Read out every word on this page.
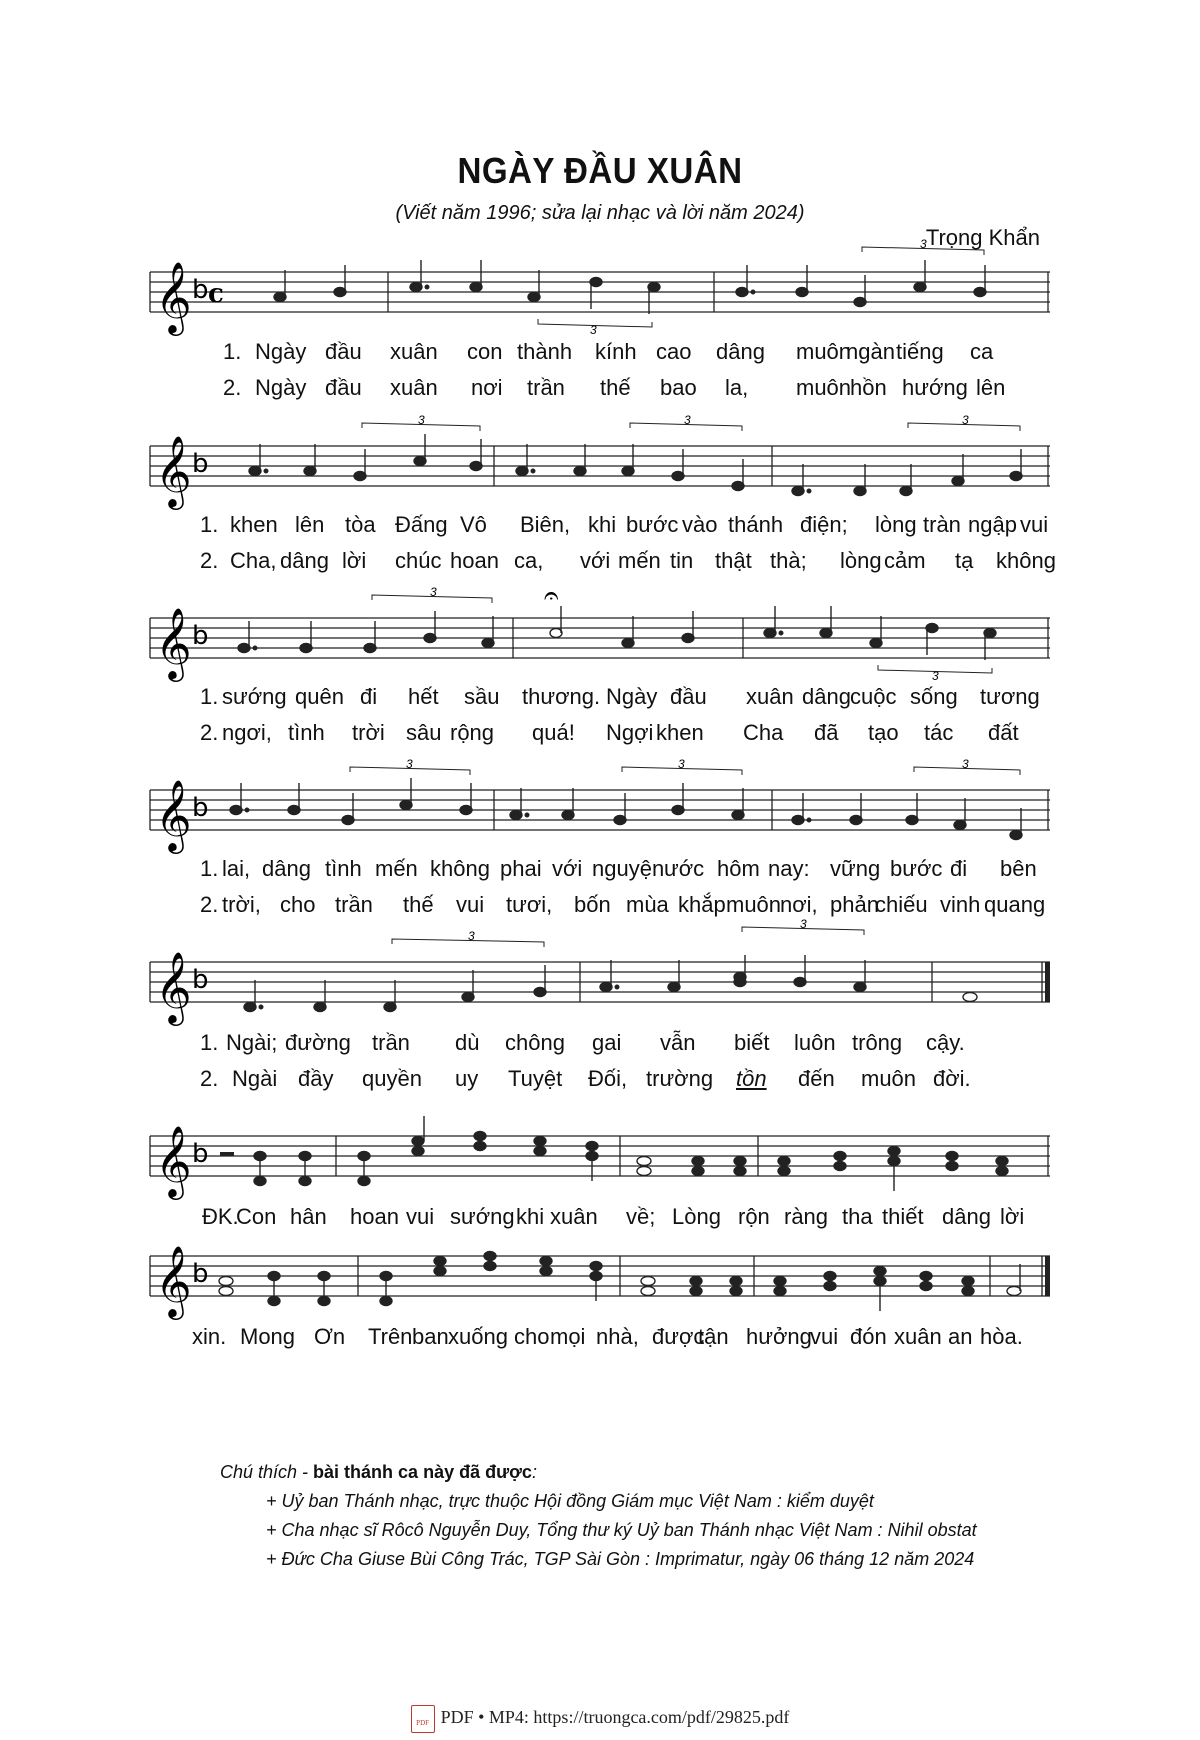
NGÀY ĐẦU XUÂN
(Viết năm 1996; sửa lại nhạc và lời năm 2024)
Trọng Khẩn
𝄞 b c
3
3
1. Ngày đầu xuân con thành kính cao dâng muôn
ngàn tiếng ca
2. Ngày đầu xuân nơi trần thế bao la, muôn
hồn hướng lên
𝄞 b
3	3	3
1. khen lên tòa Đấng Vô Biên, khi bước vào thánh điện; lòng tràn ngập vui
2. Cha, dâng lời chúc hoan ca, với mến tin thật thà; lòng cảm tạ không
𝄞 b
𝄐
3
3
1. sướng quên đi hết sầu thương. Ngày đầu xuân dâng cuộc sống tương
2. ngơi, tình trời sâu rộng quá! Ngợi khen Cha đã tạo tác đất
𝄞 b
3	3	3
1. lai, dâng tình mến không phai với nguyện ước hôm nay: vững bước đi bên
2. trời, cho trần thế vui tươi, bốn mùa khắp muôn
nơi, phản
chiếu vinh quang
𝄞 b
3
3
1. Ngài; đường trần dù chông gai vẫn biết luôn trông cậy.
2. Ngài đầy quyền uy Tuyệt Đối, trường tồn đến muôn đời.
𝄞 b
ĐK.
Con hân hoan vui sướng khi xuân về; Lòng rộn ràng tha thiết dâng lời
𝄞 b
xin. Mong Ơn Trên ban xuống cho mọi nhà, được
tận hưởng
vui đón xuân an hòa.
Chú thích - bài thánh ca này đã được:
+ Uỷ ban Thánh nhạc, trực thuộc Hội đồng Giám mục Việt Nam : kiểm duyệt
+ Cha nhạc sĩ Rôcô Nguyễn Duy, Tổng thư ký Uỷ ban Thánh nhạc Việt Nam : Nihil obstat
+ Đức Cha Giuse Bùi Công Trác, TGP Sài Gòn : Imprimatur, ngày 06 tháng 12 năm 2024
PDF PDF • MP4: https://truongca.com/pdf/29825.pdf
